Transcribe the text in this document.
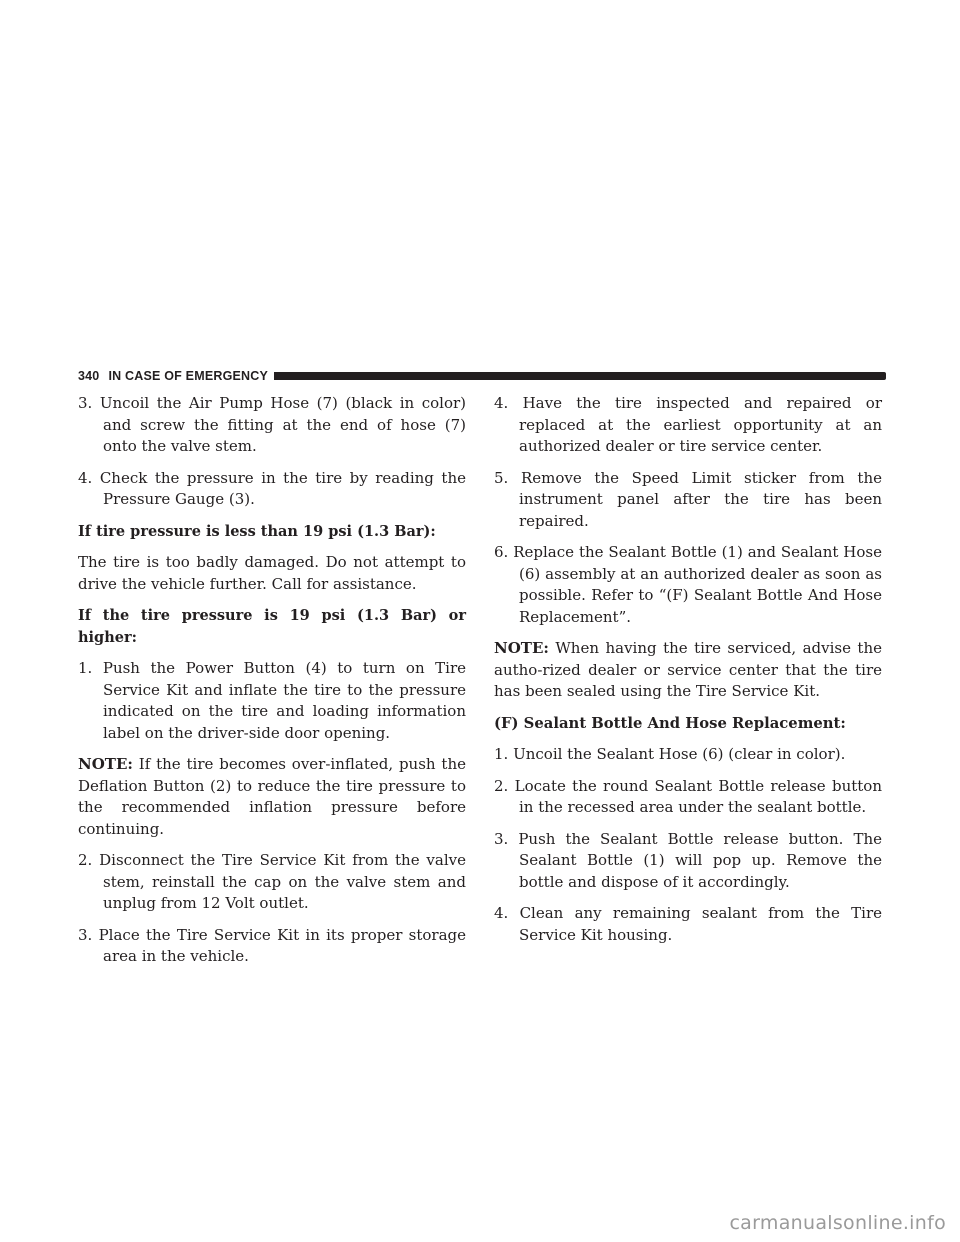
340 IN CASE OF EMERGENCY

3. Uncoil the Air Pump Hose (7) (black in color) and screw the fitting at the end of hose (7) onto the valve stem.

4. Check the pressure in the tire by reading the Pressure Gauge (3).

If tire pressure is less than 19 psi (1.3 Bar):

The tire is too badly damaged. Do not attempt to drive the vehicle further. Call for assistance.

If the tire pressure is 19 psi (1.3 Bar) or higher:

1. Push the Power Button (4) to turn on Tire Service Kit and inflate the tire to the pressure indicated on the tire and loading information label on the driver-side door opening.

NOTE: If the tire becomes over-inflated, push the Deflation Button (2) to reduce the tire pressure to the recommended inflation pressure before continuing.

2. Disconnect the Tire Service Kit from the valve stem, reinstall the cap on the valve stem and unplug from 12 Volt outlet.

3. Place the Tire Service Kit in its proper storage area in the vehicle.

4. Have the tire inspected and repaired or replaced at the earliest opportunity at an authorized dealer or tire service center.

5. Remove the Speed Limit sticker from the instrument panel after the tire has been repaired.

6. Replace the Sealant Bottle (1) and Sealant Hose (6) assembly at an authorized dealer as soon as possible. Refer to “(F) Sealant Bottle And Hose Replacement”.

NOTE: When having the tire serviced, advise the autho-rized dealer or service center that the tire has been sealed using the Tire Service Kit.

(F) Sealant Bottle And Hose Replacement:

1. Uncoil the Sealant Hose (6) (clear in color).

2. Locate the round Sealant Bottle release button in the recessed area under the sealant bottle.

3. Push the Sealant Bottle release button. The Sealant Bottle (1) will pop up. Remove the bottle and dispose of it accordingly.

4. Clean any remaining sealant from the Tire Service Kit housing.

carmanualsonline.info
